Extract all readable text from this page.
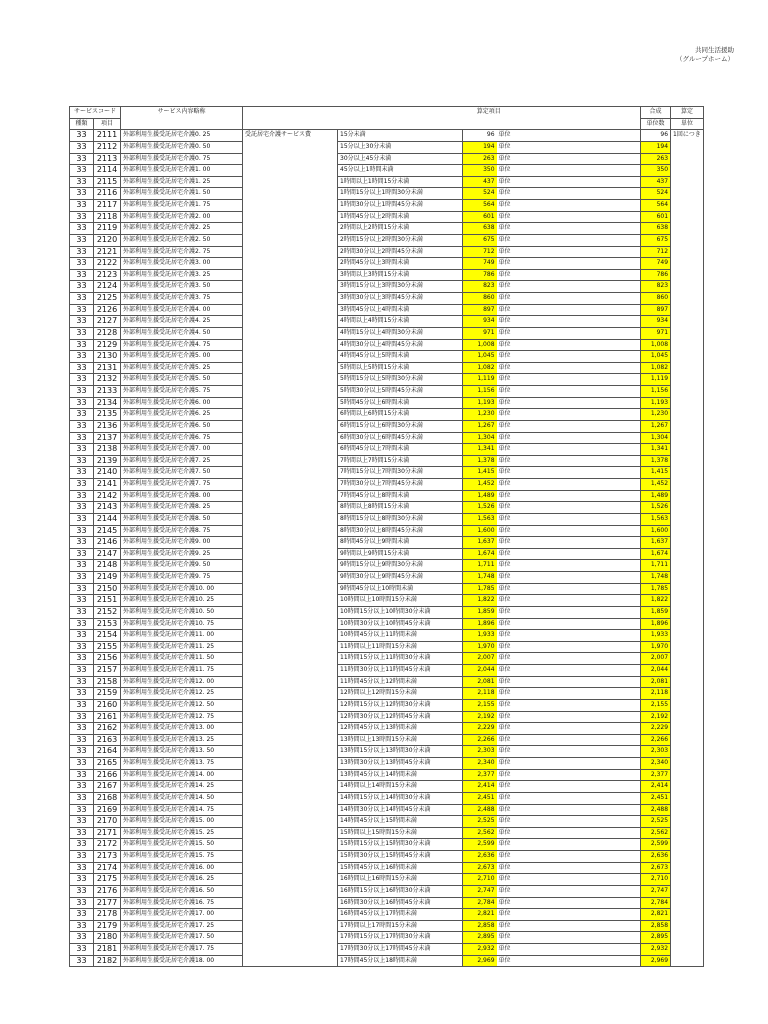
共同生活援助
（グループホーム）
サービスコード		サービス内容略称		算定項目			合成	算定
種類	項目						単位数	単位
33	2111	外部利用生援受託居宅介護0. 25	受託居宅介護サービス費	15分未満	96	単位	96	1回につき
33	2112	外部利用生援受託居宅介護0. 50		15分以上30分未満	194	単位	194	
33	2113	外部利用生援受託居宅介護0. 75		30分以上45分未満	263	単位	263	
33	2114	外部利用生援受託居宅介護1. 00		45分以上1時間未満	350	単位	350	
33	2115	外部利用生援受託居宅介護1. 25		1時間以上1時間15分未満	437	単位	437	
33	2116	外部利用生援受託居宅介護1. 50		1時間15分以上1時間30分未満	524	単位	524	
33	2117	外部利用生援受託居宅介護1. 75		1時間30分以上1時間45分未満	564	単位	564	
33	2118	外部利用生援受託居宅介護2. 00		1時間45分以上2時間未満	601	単位	601	
33	2119	外部利用生援受託居宅介護2. 25		2時間以上2時間15分未満	638	単位	638	
33	2120	外部利用生援受託居宅介護2. 50		2時間15分以上2時間30分未満	675	単位	675	
33	2121	外部利用生援受託居宅介護2. 75		2時間30分以上2時間45分未満	712	単位	712	
33	2122	外部利用生援受託居宅介護3. 00		2時間45分以上3時間未満	749	単位	749	
33	2123	外部利用生援受託居宅介護3. 25		3時間以上3時間15分未満	786	単位	786	
33	2124	外部利用生援受託居宅介護3. 50		3時間15分以上3時間30分未満	823	単位	823	
33	2125	外部利用生援受託居宅介護3. 75		3時間30分以上3時間45分未満	860	単位	860	
33	2126	外部利用生援受託居宅介護4. 00		3時間45分以上4時間未満	897	単位	897	
33	2127	外部利用生援受託居宅介護4. 25		4時間以上4時間15分未満	934	単位	934	
33	2128	外部利用生援受託居宅介護4. 50		4時間15分以上4時間30分未満	971	単位	971	
33	2129	外部利用生援受託居宅介護4. 75		4時間30分以上4時間45分未満	1,008	単位	1,008	
33	2130	外部利用生援受託居宅介護5. 00		4時間45分以上5時間未満	1,045	単位	1,045	
33	2131	外部利用生援受託居宅介護5. 25		5時間以上5時間15分未満	1,082	単位	1,082	
33	2132	外部利用生援受託居宅介護5. 50		5時間15分以上5時間30分未満	1,119	単位	1,119	
33	2133	外部利用生援受託居宅介護5. 75		5時間30分以上5時間45分未満	1,156	単位	1,156	
33	2134	外部利用生援受託居宅介護6. 00		5時間45分以上6時間未満	1,193	単位	1,193	
33	2135	外部利用生援受託居宅介護6. 25		6時間以上6時間15分未満	1,230	単位	1,230	
33	2136	外部利用生援受託居宅介護6. 50		6時間15分以上6時間30分未満	1,267	単位	1,267	
33	2137	外部利用生援受託居宅介護6. 75		6時間30分以上6時間45分未満	1,304	単位	1,304	
33	2138	外部利用生援受託居宅介護7. 00		6時間45分以上7時間未満	1,341	単位	1,341	
33	2139	外部利用生援受託居宅介護7. 25		7時間以上7時間15分未満	1,378	単位	1,378	
33	2140	外部利用生援受託居宅介護7. 50		7時間15分以上7時間30分未満	1,415	単位	1,415	
33	2141	外部利用生援受託居宅介護7. 75		7時間30分以上7時間45分未満	1,452	単位	1,452	
33	2142	外部利用生援受託居宅介護8. 00		7時間45分以上8時間未満	1,489	単位	1,489	
33	2143	外部利用生援受託居宅介護8. 25		8時間以上8時間15分未満	1,526	単位	1,526	
33	2144	外部利用生援受託居宅介護8. 50		8時間15分以上8時間30分未満	1,563	単位	1,563	
33	2145	外部利用生援受託居宅介護8. 75		8時間30分以上8時間45分未満	1,600	単位	1,600	
33	2146	外部利用生援受託居宅介護9. 00		8時間45分以上9時間未満	1,637	単位	1,637	
33	2147	外部利用生援受託居宅介護9. 25		9時間以上9時間15分未満	1,674	単位	1,674	
33	2148	外部利用生援受託居宅介護9. 50		9時間15分以上9時間30分未満	1,711	単位	1,711	
33	2149	外部利用生援受託居宅介護9. 75		9時間30分以上9時間45分未満	1,748	単位	1,748	
33	2150	外部利用生援受託居宅介護10. 00		9時間45分以上10時間未満	1,785	単位	1,785	
33	2151	外部利用生援受託居宅介護10. 25		10時間以上10時間15分未満	1,822	単位	1,822	
33	2152	外部利用生援受託居宅介護10. 50		10時間15分以上10時間30分未満	1,859	単位	1,859	
33	2153	外部利用生援受託居宅介護10. 75		10時間30分以上10時間45分未満	1,896	単位	1,896	
33	2154	外部利用生援受託居宅介護11. 00		10時間45分以上11時間未満	1,933	単位	1,933	
33	2155	外部利用生援受託居宅介護11. 25		11時間以上11時間15分未満	1,970	単位	1,970	
33	2156	外部利用生援受託居宅介護11. 50		11時間15分以上11時間30分未満	2,007	単位	2,007	
33	2157	外部利用生援受託居宅介護11. 75		11時間30分以上11時間45分未満	2,044	単位	2,044	
33	2158	外部利用生援受託居宅介護12. 00		11時間45分以上12時間未満	2,081	単位	2,081	
33	2159	外部利用生援受託居宅介護12. 25		12時間以上12時間15分未満	2,118	単位	2,118	
33	2160	外部利用生援受託居宅介護12. 50		12時間15分以上12時間30分未満	2,155	単位	2,155	
33	2161	外部利用生援受託居宅介護12. 75		12時間30分以上12時間45分未満	2,192	単位	2,192	
33	2162	外部利用生援受託居宅介護13. 00		12時間45分以上13時間未満	2,229	単位	2,229	
33	2163	外部利用生援受託居宅介護13. 25		13時間以上13時間15分未満	2,266	単位	2,266	
33	2164	外部利用生援受託居宅介護13. 50		13時間15分以上13時間30分未満	2,303	単位	2,303	
33	2165	外部利用生援受託居宅介護13. 75		13時間30分以上13時間45分未満	2,340	単位	2,340	
33	2166	外部利用生援受託居宅介護14. 00		13時間45分以上14時間未満	2,377	単位	2,377	
33	2167	外部利用生援受託居宅介護14. 25		14時間以上14時間15分未満	2,414	単位	2,414	
33	2168	外部利用生援受託居宅介護14. 50		14時間15分以上14時間30分未満	2,451	単位	2,451	
33	2169	外部利用生援受託居宅介護14. 75		14時間30分以上14時間45分未満	2,488	単位	2,488	
33	2170	外部利用生援受託居宅介護15. 00		14時間45分以上15時間未満	2,525	単位	2,525	
33	2171	外部利用生援受託居宅介護15. 25		15時間以上15時間15分未満	2,562	単位	2,562	
33	2172	外部利用生援受託居宅介護15. 50		15時間15分以上15時間30分未満	2,599	単位	2,599	
33	2173	外部利用生援受託居宅介護15. 75		15時間30分以上15時間45分未満	2,636	単位	2,636	
33	2174	外部利用生援受託居宅介護16. 00		15時間45分以上16時間未満	2,673	単位	2,673	
33	2175	外部利用生援受託居宅介護16. 25		16時間以上16時間15分未満	2,710	単位	2,710	
33	2176	外部利用生援受託居宅介護16. 50		16時間15分以上16時間30分未満	2,747	単位	2,747	
33	2177	外部利用生援受託居宅介護16. 75		16時間30分以上16時間45分未満	2,784	単位	2,784	
33	2178	外部利用生援受託居宅介護17. 00		16時間45分以上17時間未満	2,821	単位	2,821	
33	2179	外部利用生援受託居宅介護17. 25		17時間以上17時間15分未満	2,858	単位	2,858	
33	2180	外部利用生援受託居宅介護17. 50		17時間15分以上17時間30分未満	2,895	単位	2,895	
33	2181	外部利用生援受託居宅介護17. 75		17時間30分以上17時間45分未満	2,932	単位	2,932	
33	2182	外部利用生援受託居宅介護18. 00		17時間45分以上18時間未満	2,969	単位	2,969	
